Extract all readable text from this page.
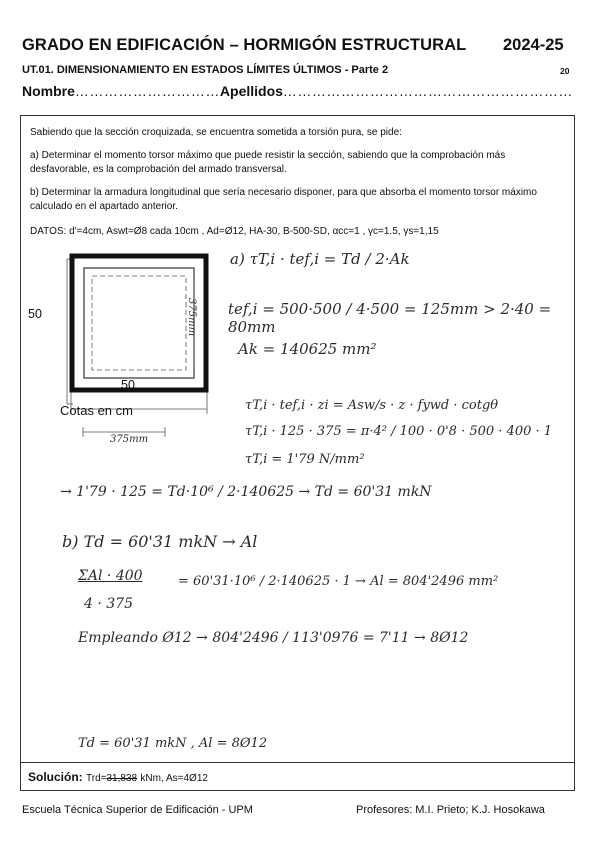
GRADO EN EDIFICACIÓN – HORMIGÓN ESTRUCTURAL 2024-25
UT.01. DIMENSIONAMIENTO EN ESTADOS LÍMITES ÚLTIMOS - Parte 2	20
Nombre…………………………Apellidos……………………………………………………
Sabiendo que la sección croquizada, se encuentra sometida a torsión pura, se pide:
a) Determinar el momento torsor máximo que puede resistir la sección, sabiendo que la comprobación más desfavorable, es la comprobación del armado transversal.
b) Determinar la armadura longitudinal que sería necesario disponer, para que absorba el momento torsor máximo calculado en el apartado anterior.
DATOS: d'=4cm, Aswt=Ø8 cada 10cm , Ad=Ø12, HA-30, B-500-SD, αcc=1 , γc=1.5, γs=1,15
50
50
Cotas en cm
375mm
375mm
a) τT,i · tef,i = Td / 2·Ak
tef,i = 500·500 / 4·500 = 125mm > 2·40 = 80mm
Ak = 140625 mm²
τT,i · tef,i · zi = Asw/s · z · fywd · cotgθ
τT,i · 125 · 375 = π·4² / 100 · 0'8 · 500 · 400 · 1
τT,i = 1'79 N/mm²
→ 1'79 · 125 = Td·10⁶ / 2·140625 → Td = 60'31 mkN
b) Td = 60'31 mkN → Al
ΣAl · 400
4 · 375
= 60'31·10⁶ / 2·140625 · 1 → Al = 804'2496 mm²
Empleando Ø12 → 804'2496 / 113'0976 = 7'11 → 8Ø12
Td = 60'31 mkN , Al = 8Ø12
Solución: Trd=31,838 kNm, As=4Ø12
Escuela Técnica Superior de Edificación - UPM	Profesores: M.I. Prieto; K.J. Hosokawa
